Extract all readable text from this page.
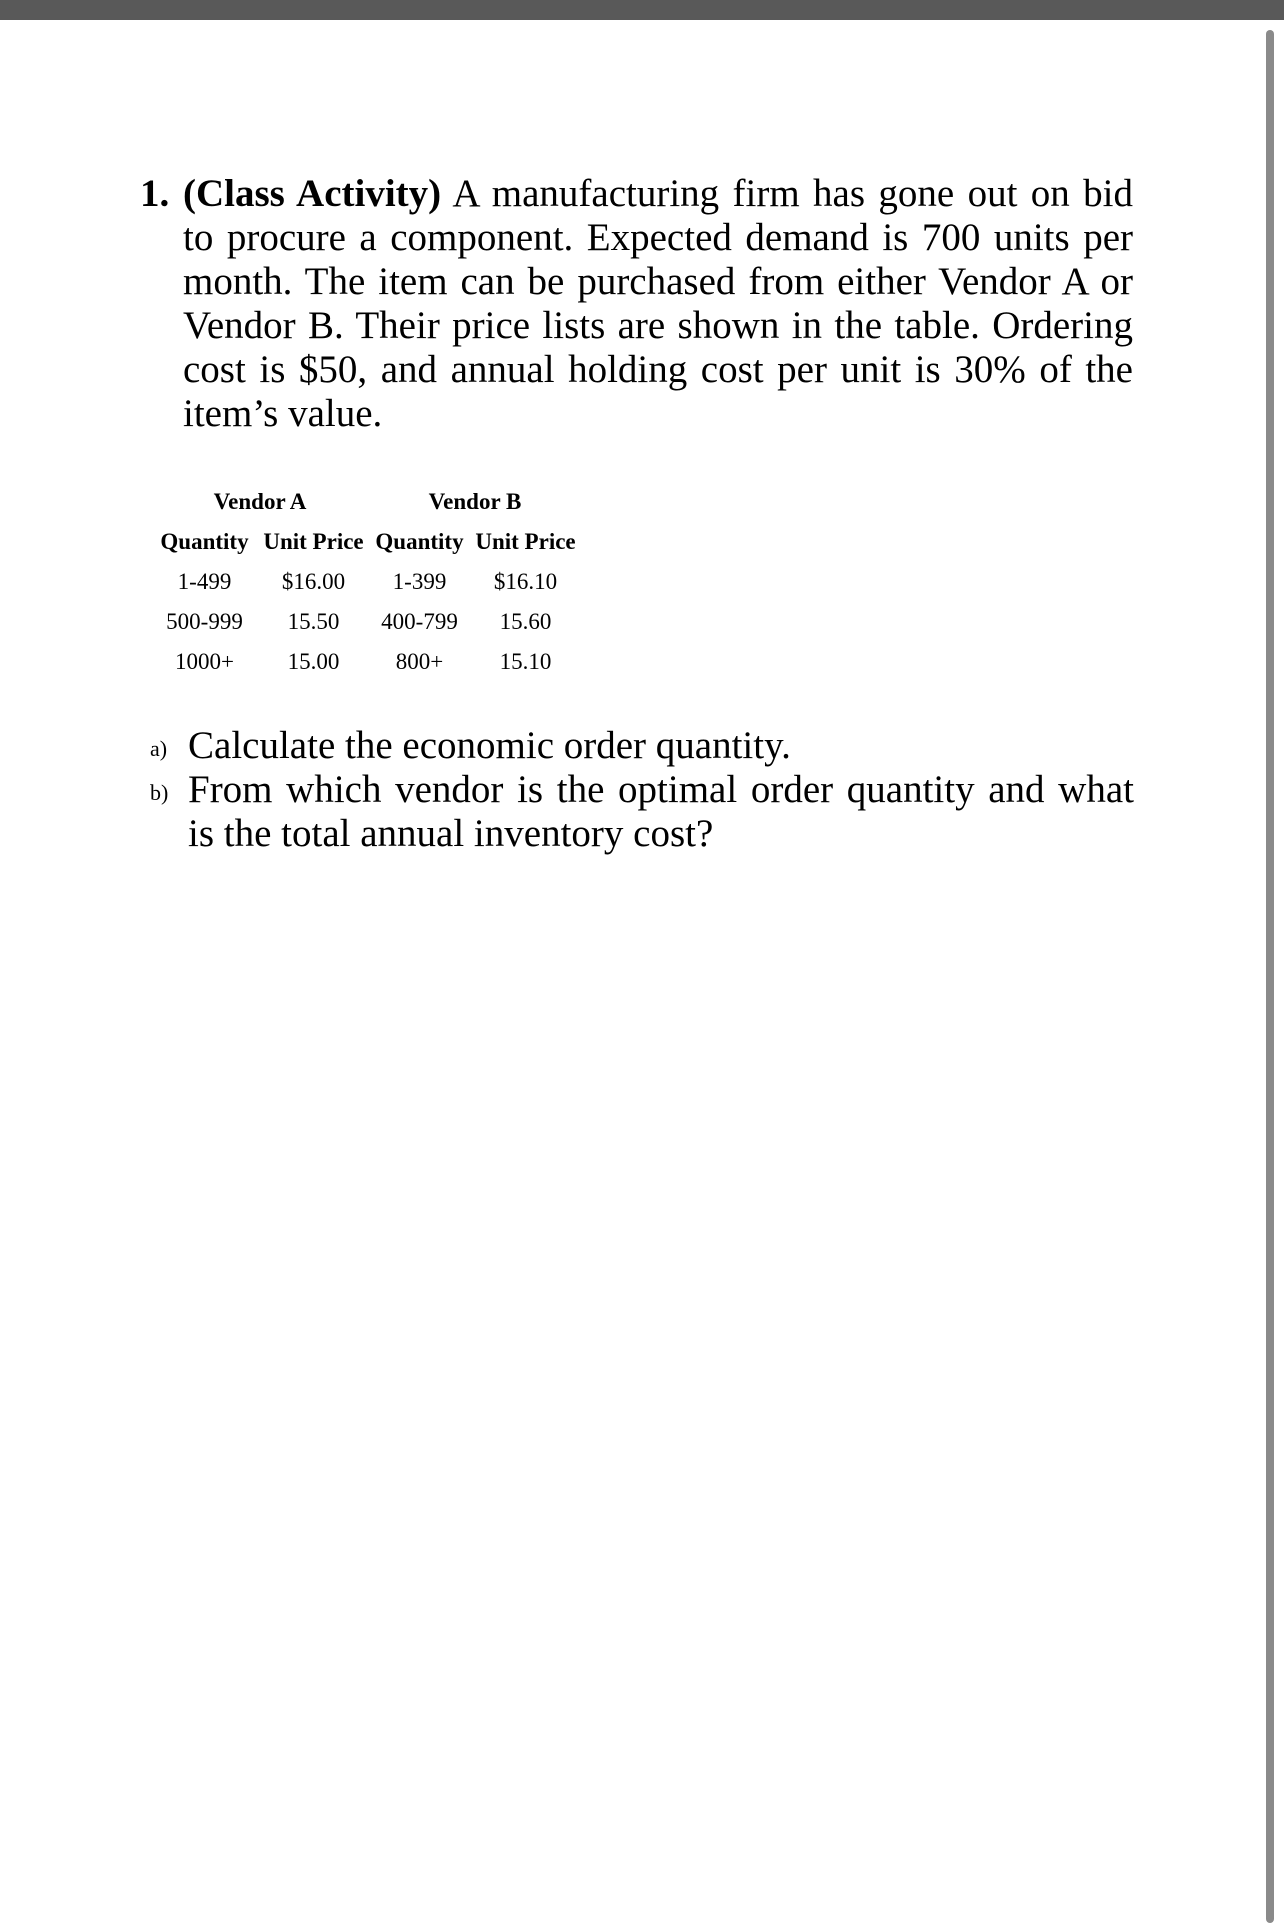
1. (Class Activity) A manufacturing firm has gone out on bid to procure a component. Expected demand is 700 units per month. The item can be purchased from either Vendor A or Vendor B. Their price lists are shown in the table. Ordering cost is $50, and annual holding cost per unit is 30% of the item’s value.
Vendor A		Vendor B	
Quantity	Unit Price	Quantity	Unit Price
1-499	$16.00	1-399	$16.10
500-999	15.50	400-799	15.60
1000+	15.00	800+	15.10
a) Calculate the economic order quantity.
b) From which vendor is the optimal order quantity and what is the total annual inventory cost?
